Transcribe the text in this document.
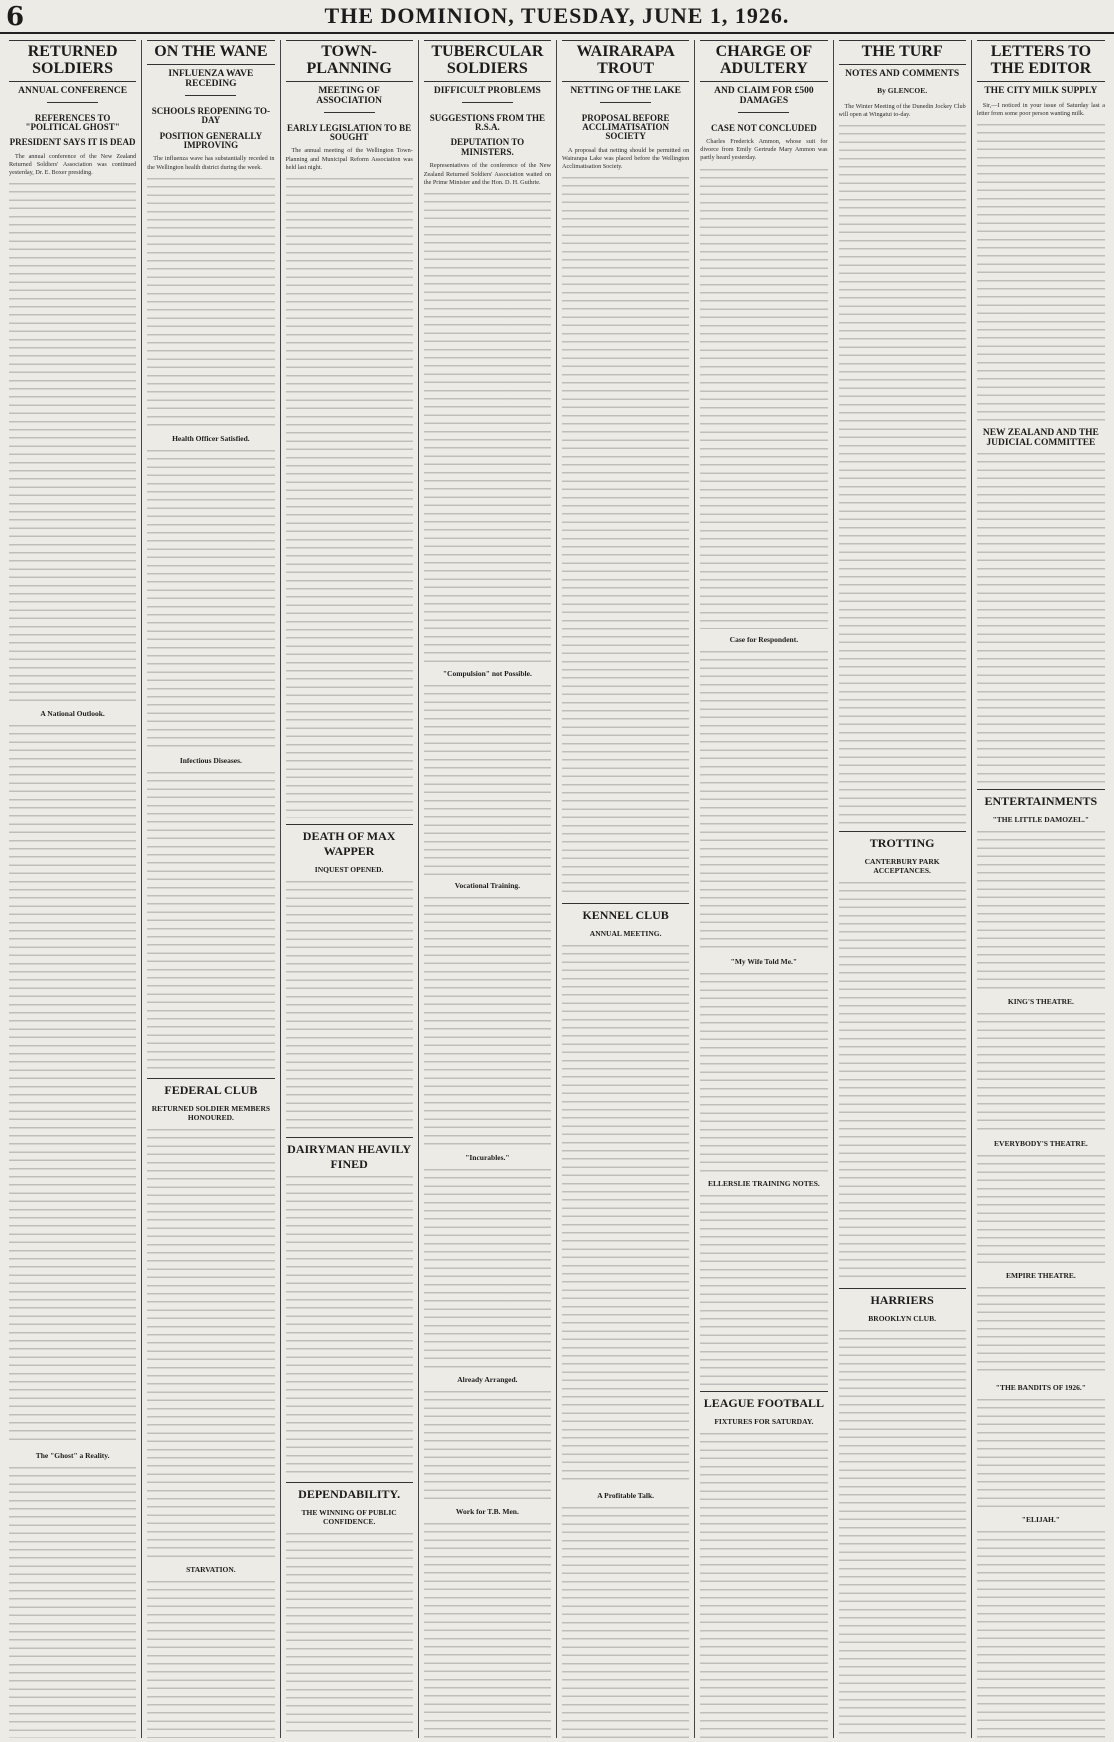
6	THE DOMINION, TUESDAY, JUNE 1, 1926.
RETURNED SOLDIERS
ANNUAL CONFERENCE
REFERENCES TO "POLITICAL GHOST"
PRESIDENT SAYS IT IS DEAD

The annual conference of the New Zealand Returned Soldiers' Association was continued yesterday, Dr. E. Boxer presiding.

A National Outlook.
The "Ghost" a Reality.
ON THE WANE
INFLUENZA WAVE RECEDING
SCHOOLS REOPENING TO-DAY
POSITION GENERALLY IMPROVING

The influenza wave has substantially receded in the Wellington health district during the week.

Health Officer Satisfied.
Infectious Diseases.
FEDERAL CLUB
RETURNED SOLDIER MEMBERS HONOURED.
STARVATION.
TOWN-PLANNING
MEETING OF ASSOCIATION
EARLY LEGISLATION TO BE SOUGHT

The annual meeting of the Wellington Town-Planning and Municipal Reform Association was held last night.

DEATH OF MAX WAPPER
INQUEST OPENED.
DAIRYMAN HEAVILY FINED
DEPENDABILITY.
THE WINNING OF PUBLIC CONFIDENCE.
TUBERCULAR SOLDIERS
DIFFICULT PROBLEMS
SUGGESTIONS FROM THE R.S.A.
DEPUTATION TO MINISTERS.

Representatives of the conference of the New Zealand Returned Soldiers' Association waited on the Prime Minister and the Hon. D. H. Guthrie.

"Compulsion" not Possible.
Vocational Training.
"Incurables."
Already Arranged.
Work for T.B. Men.
WAIRARAPA TROUT
NETTING OF THE LAKE
PROPOSAL BEFORE ACCLIMATISATION SOCIETY

A proposal that netting should be permitted on Wairarapa Lake was placed before the Wellington Acclimatisation Society.

KENNEL CLUB
ANNUAL MEETING.
A Profitable Talk.
CHARGE OF ADULTERY
AND CLAIM FOR £500 DAMAGES
CASE NOT CONCLUDED

Charles Frederick Ammon, whose suit for divorce from Emily Gertrude Mary Ammon was partly heard yesterday.

Case for Respondent.
"My Wife Told Me."
ELLERSLIE TRAINING NOTES.
LEAGUE FOOTBALL
FIXTURES FOR SATURDAY.
THE TURF
NOTES AND COMMENTS
By GLENCOE.

The Winter Meeting of the Dunedin Jockey Club will open at Wingatui to-day.

TROTTING
CANTERBURY PARK ACCEPTANCES.
HARRIERS
BROOKLYN CLUB.
LETTERS TO THE EDITOR
THE CITY MILK SUPPLY

Sir,—I noticed in your issue of Saturday last a letter from some poor person wanting milk.

NEW ZEALAND AND THE JUDICIAL COMMITTEE
ENTERTAINMENTS
"THE LITTLE DAMOZEL."
KING'S THEATRE.
EVERYBODY'S THEATRE.
EMPIRE THEATRE.
"THE BANDITS OF 1926."
"ELIJAH."
